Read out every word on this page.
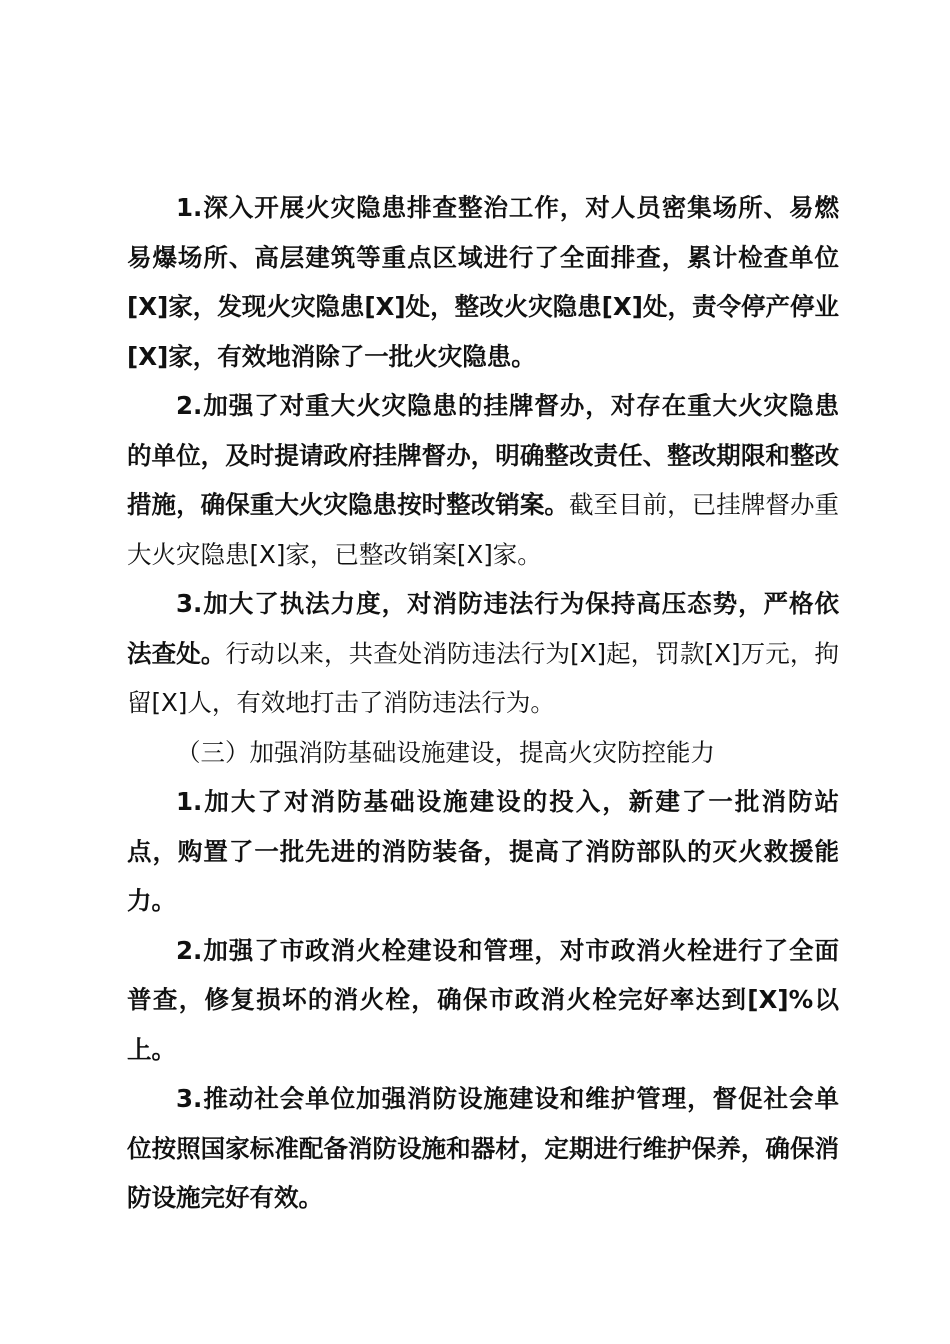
1.深入开展火灾隐患排查整治工作，对人员密集场所、易燃易爆场所、高层建筑等重点区域进行了全面排查，累计检查单位[X]家，发现火灾隐患[X]处，整改火灾隐患[X]处，责令停产停业[X]家，有效地消除了一批火灾隐患。

2.加强了对重大火灾隐患的挂牌督办，对存在重大火灾隐患的单位，及时提请政府挂牌督办，明确整改责任、整改期限和整改措施，确保重大火灾隐患按时整改销案。截至目前，已挂牌督办重大火灾隐患[X]家，已整改销案[X]家。

3.加大了执法力度，对消防违法行为保持高压态势，严格依法查处。行动以来，共查处消防违法行为[X]起，罚款[X]万元，拘留[X]人，有效地打击了消防违法行为。

（三）加强消防基础设施建设，提高火灾防控能力

1.加大了对消防基础设施建设的投入，新建了一批消防站点，购置了一批先进的消防装备，提高了消防部队的灭火救援能力。

2.加强了市政消火栓建设和管理，对市政消火栓进行了全面普查，修复损坏的消火栓，确保市政消火栓完好率达到[X]%以上。

3.推动社会单位加强消防设施建设和维护管理，督促社会单位按照国家标准配备消防设施和器材，定期进行维护保养，确保消防设施完好有效。
